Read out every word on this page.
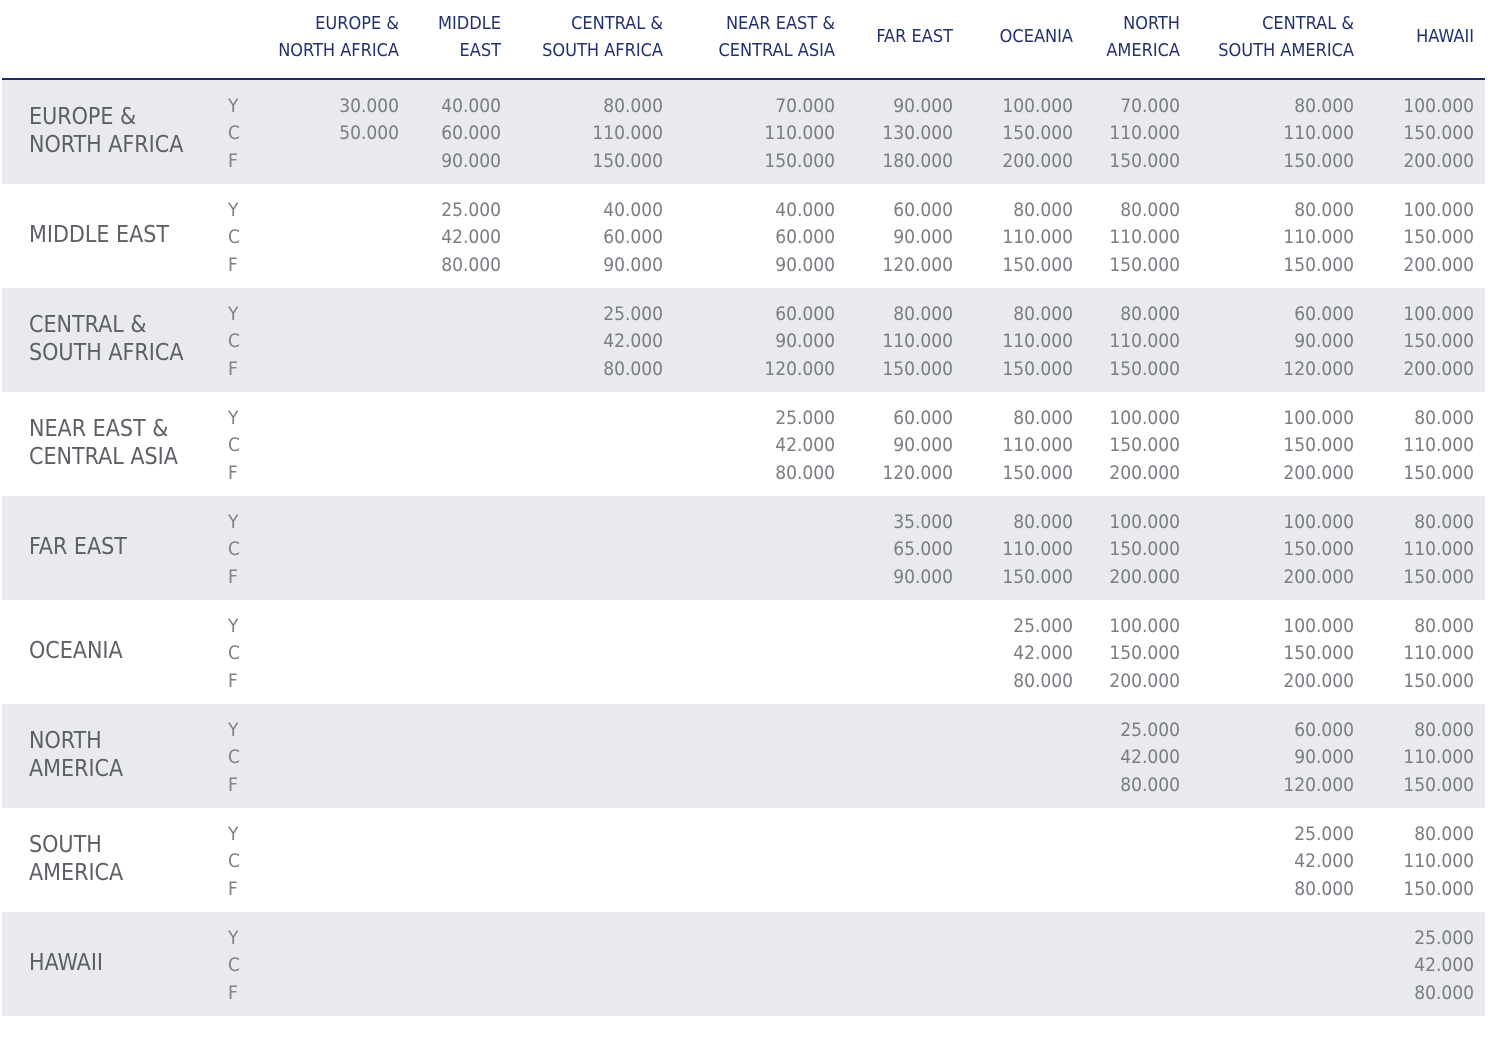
EUROPE &
NORTH AFRICA
MIDDLE
EAST
CENTRAL &
SOUTH AFRICA
NEAR EAST &
CENTRAL ASIA
FAR EAST	OCEANIA
NORTH
AMERICA
CENTRAL &
SOUTH AMERICA
HAWAII
EUROPE &
NORTH AFRICA
Y
C
F
30.000
50.000
40.000
60.000
90.000
80.000
110.000
150.000
70.000
110.000
150.000
90.000
130.000
180.000
100.000
150.000
200.000
70.000
110.000
150.000
80.000
110.000
150.000
100.000
150.000
200.000
MIDDLE EAST
Y
C
F
25.000
42.000
80.000
40.000
60.000
90.000
40.000
60.000
90.000
60.000
90.000
120.000
80.000
110.000
150.000
80.000
110.000
150.000
80.000
110.000
150.000
100.000
150.000
200.000
CENTRAL &
SOUTH AFRICA
Y
C
F
25.000
42.000
80.000
60.000
90.000
120.000
80.000
110.000
150.000
80.000
110.000
150.000
80.000
110.000
150.000
60.000
90.000
120.000
100.000
150.000
200.000
NEAR EAST &
CENTRAL ASIA
Y
C
F
25.000
42.000
80.000
60.000
90.000
120.000
80.000
110.000
150.000
100.000
150.000
200.000
100.000
150.000
200.000
80.000
110.000
150.000
FAR EAST
Y
C
F
35.000
65.000
90.000
80.000
110.000
150.000
100.000
150.000
200.000
100.000
150.000
200.000
80.000
110.000
150.000
OCEANIA
Y
C
F
25.000
42.000
80.000
100.000
150.000
200.000
100.000
150.000
200.000
80.000
110.000
150.000
NORTH
AMERICA
Y
C
F
25.000
42.000
80.000
60.000
90.000
120.000
80.000
110.000
150.000
SOUTH
AMERICA
Y
C
F
25.000
42.000
80.000
80.000
110.000
150.000
HAWAII
Y
C
F
25.000
42.000
80.000
